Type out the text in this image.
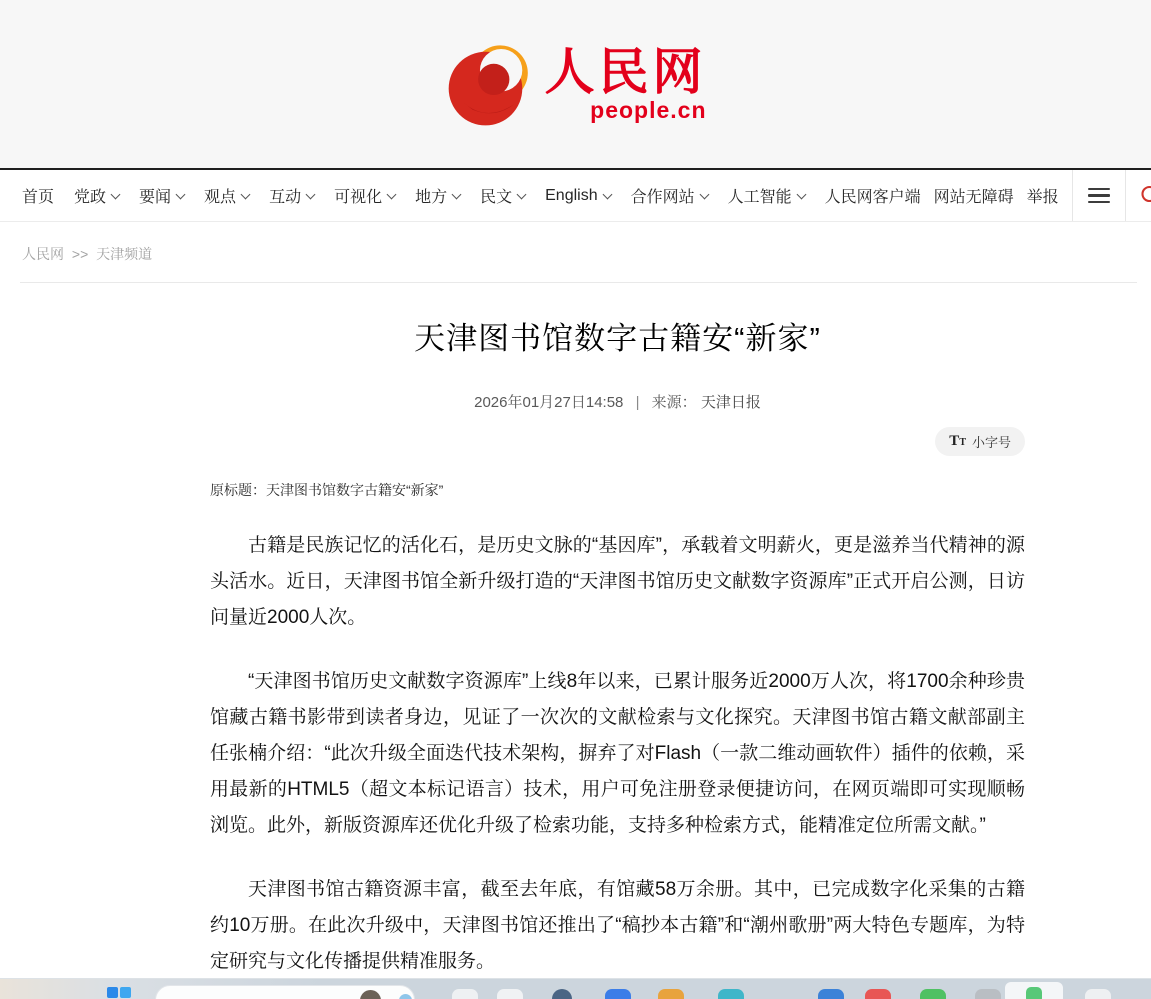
人民网
people.cn
首页 党政 要闻 观点 互动 可视化 地方 民文 English 合作网站 人工智能 人民网客户端 网站无障碍 举报
人民网 >> 天津频道
天津图书馆数字古籍安“新家”
2026年01月27日14:58 | 来源： 天津日报
TT 小字号

原标题：天津图书馆数字古籍安“新家”

古籍是民族记忆的活化石，是历史文脉的“基因库”，承载着文明薪火，更是滋养当代精神的源头活水。近日，天津图书馆全新升级打造的“天津图书馆历史文献数字资源库”正式开启公测，日访问量近2000人次。

“天津图书馆历史文献数字资源库”上线8年以来，已累计服务近2000万人次，将1700余种珍贵馆藏古籍书影带到读者身边，见证了一次次的文献检索与文化探究。天津图书馆古籍文献部副主任张楠介绍：“此次升级全面迭代技术架构，摒弃了对Flash（一款二维动画软件）插件的依赖，采用最新的HTML5（超文本标记语言）技术，用户可免注册登录便捷访问，在网页端即可实现顺畅浏览。此外，新版资源库还优化升级了检索功能，支持多种检索方式，能精准定位所需文献。”

天津图书馆古籍资源丰富，截至去年底，有馆藏58万余册。其中，已完成数字化采集的古籍约10万册。在此次升级中，天津图书馆还推出了“稿抄本古籍”和“潮州歌册”两大特色专题库，为特定研究与文化传播提供精准服务。
